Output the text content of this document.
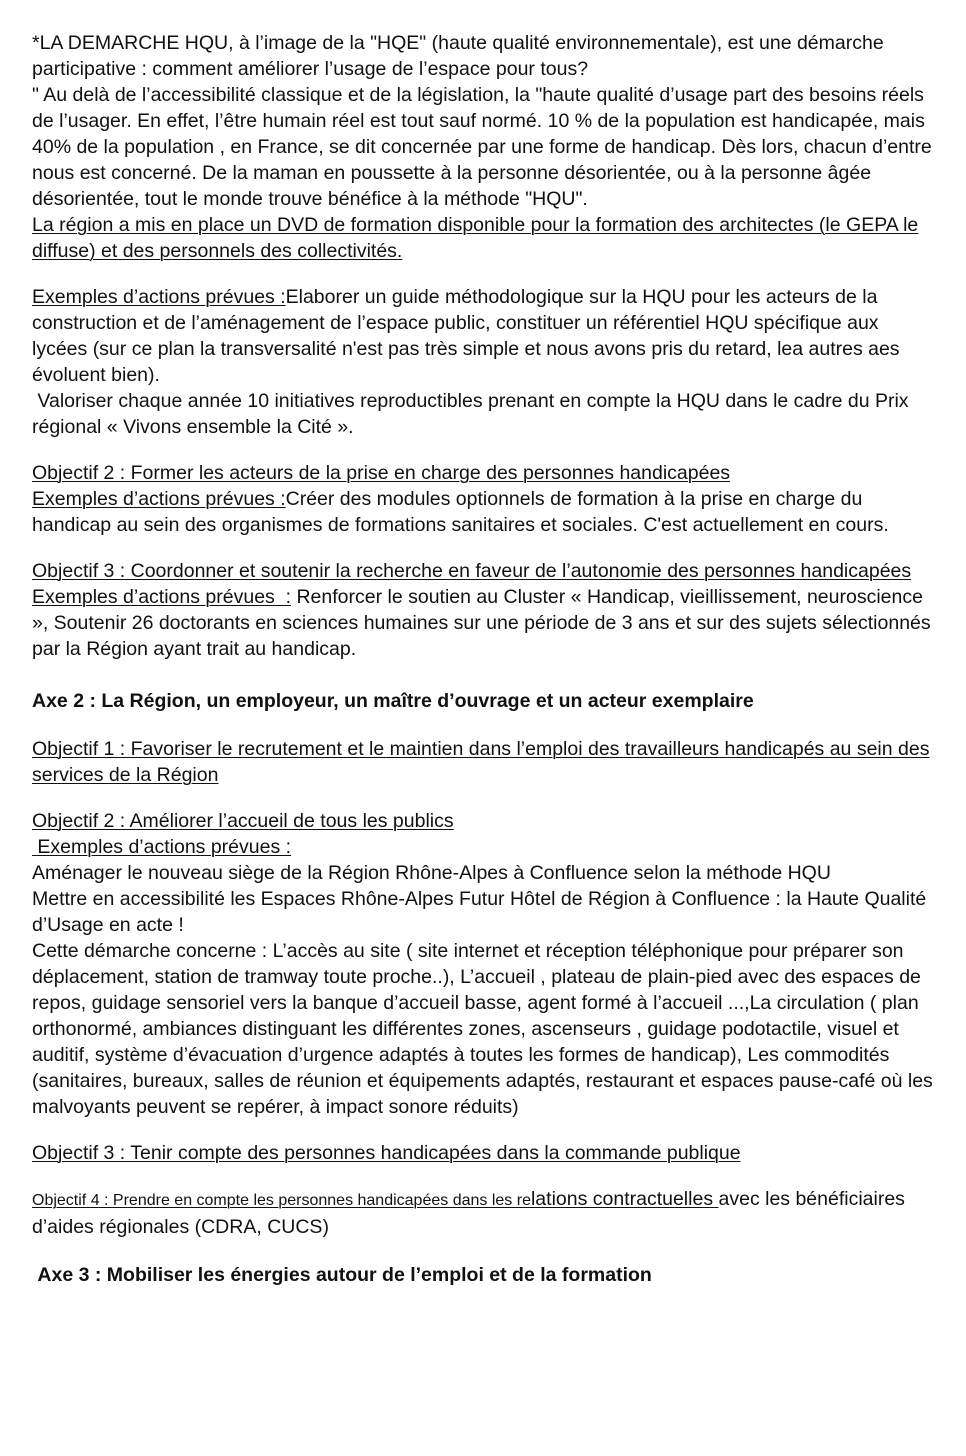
*LA DEMARCHE HQU, à l’image de la "HQE" (haute qualité environnementale), est une démarche participative : comment améliorer l’usage de l’espace pour tous?

" Au delà de l’accessibilité classique et de la législation, la "haute qualité d’usage part des besoins réels de l’usager. En effet, l’être humain réel est tout sauf normé. 10 % de la population est handicapée, mais 40% de la population , en France, se dit concernée par une forme de handicap. Dès lors, chacun d’entre nous est concerné. De la maman en poussette à la personne désorientée, ou à la personne âgée désorientée, tout le monde trouve bénéfice à la méthode "HQU".

La région a mis en place un DVD de formation disponible pour la formation des architectes (le GEPA le diffuse) et des personnels des collectivités.

Exemples d’actions prévues :Elaborer un guide méthodologique sur la HQU pour les acteurs de la construction et de l’aménagement de l’espace public, constituer un référentiel HQU spécifique aux lycées (sur ce plan la transversalité n'est pas très simple et nous avons pris du retard, lea autres aes évoluent bien).

Valoriser chaque année 10 initiatives reproductibles prenant en compte la HQU dans le cadre du Prix régional « Vivons ensemble la Cité ».

Objectif 2 : Former les acteurs de la prise en charge des personnes handicapées

Exemples d’actions prévues :Créer des modules optionnels de formation à la prise en charge du handicap au sein des organismes de formations sanitaires et sociales. C'est actuellement en cours.

Objectif 3 : Coordonner et soutenir la recherche en faveur de l’autonomie des personnes handicapées

Exemples d’actions prévues  : Renforcer le soutien au Cluster « Handicap, vieillissement, neuroscience », Soutenir 26 doctorants en sciences humaines sur une période de 3 ans et sur des sujets sélectionnés par la Région ayant trait au handicap.

Axe 2 : La Région, un employeur, un maître d’ouvrage et un acteur exemplaire

Objectif 1 : Favoriser le recrutement et le maintien dans l’emploi des travailleurs handicapés au sein des services de la Région

Objectif 2 : Améliorer l’accueil de tous les publics

Exemples d’actions prévues :

Aménager le nouveau siège de la Région Rhône-Alpes à Confluence selon la méthode HQU

Mettre en accessibilité les Espaces Rhône-Alpes Futur Hôtel de Région à Confluence : la Haute Qualité d’Usage en acte !

Cette démarche concerne : L’accès au site ( site internet et réception téléphonique pour préparer son déplacement, station de tramway toute proche..), L’accueil , plateau de plain-pied avec des espaces de repos, guidage sensoriel vers la banque d’accueil basse, agent formé à l’accueil ...,La circulation ( plan orthonormé, ambiances distinguant les différentes zones, ascenseurs , guidage podotactile, visuel et auditif, système d’évacuation d’urgence adaptés à toutes les formes de handicap), Les commodités (sanitaires, bureaux, salles de réunion et équipements adaptés, restaurant et espaces pause-café où les malvoyants peuvent se repérer, à impact sonore réduits)

Objectif 3 : Tenir compte des personnes handicapées dans la commande publique

Objectif 4 : Prendre en compte les personnes handicapées dans les relations contractuelles avec les bénéficiaires d’aides régionales (CDRA, CUCS)

Axe 3 : Mobiliser les énergies autour de l’emploi et de la formation
